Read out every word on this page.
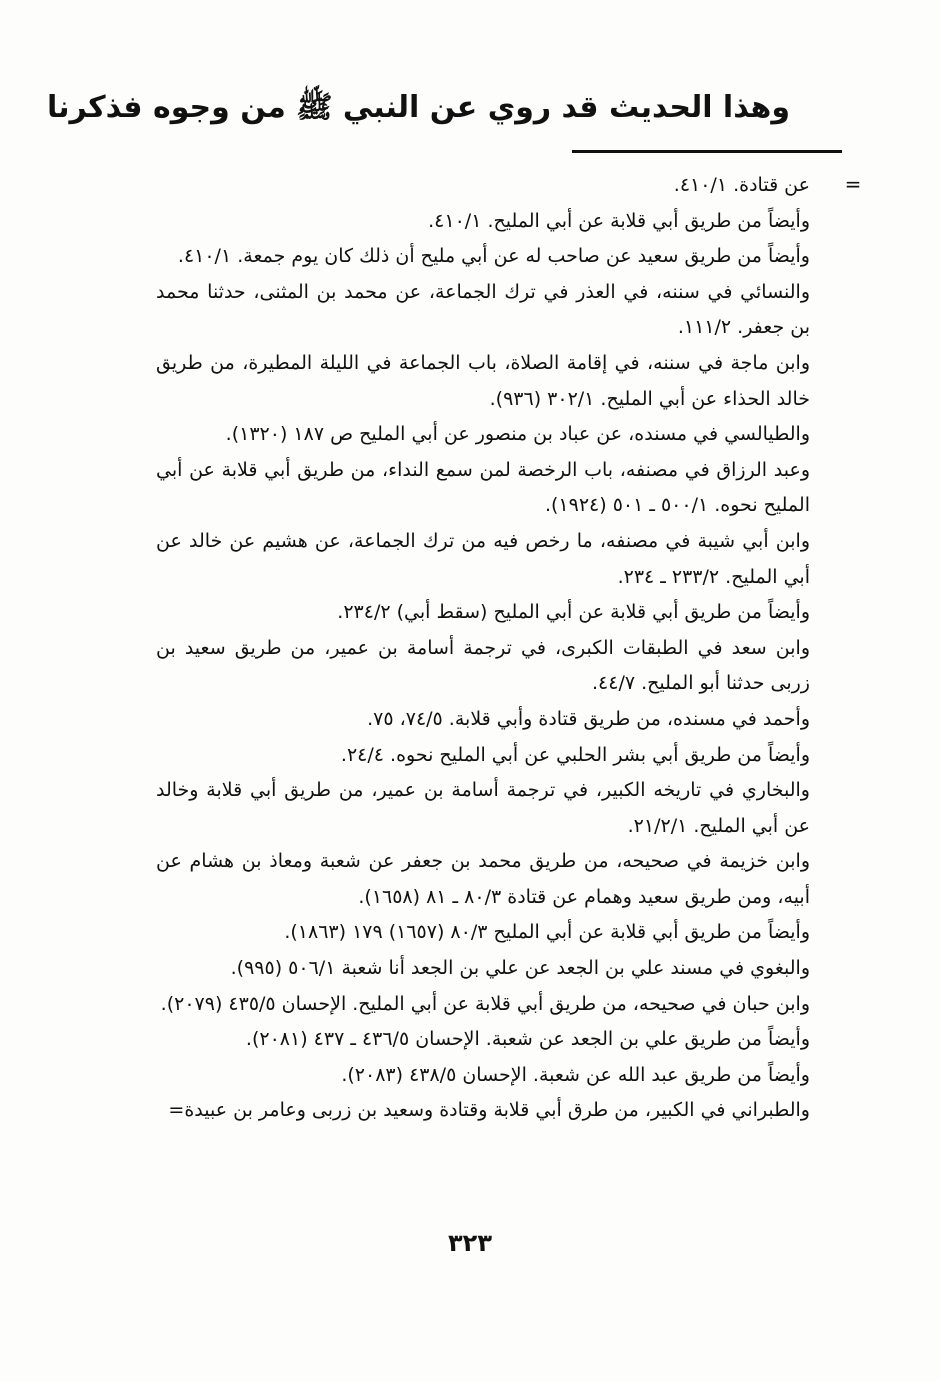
وهذا الحديث قد روي عن النبي ﷺ من وجوه فذكرنا
=

عن قتادة. ٤١٠/١.

وأيضاً من طريق أبي قلابة عن أبي المليح. ٤١٠/١.

وأيضاً من طريق سعيد عن صاحب له عن أبي مليح أن ذلك كان يوم جمعة. ٤١٠/١.

والنسائي في سننه، في العذر في ترك الجماعة، عن محمد بن المثنى، حدثنا محمد بن جعفر. ١١١/٢.

وابن ماجة في سننه، في إقامة الصلاة، باب الجماعة في الليلة المطيرة، من طريق خالد الحذاء عن أبي المليح. ٣٠٢/١ (٩٣٦).

والطيالسي في مسنده، عن عباد بن منصور عن أبي المليح ص ١٨٧ (١٣٢٠).

وعبد الرزاق في مصنفه، باب الرخصة لمن سمع النداء، من طريق أبي قلابة عن أبي المليح نحوه. ٥٠٠/١ ـ ٥٠١ (١٩٢٤).

وابن أبي شيبة في مصنفه، ما رخص فيه من ترك الجماعة، عن هشيم عن خالد عن أبي المليح. ٢٣٣/٢ ـ ٢٣٤.

وأيضاً من طريق أبي قلابة عن أبي المليح (سقط أبي) ٢٣٤/٢.

وابن سعد في الطبقات الكبرى، في ترجمة أسامة بن عمير، من طريق سعيد بن زربى حدثنا أبو المليح. ٤٤/٧.

وأحمد في مسنده، من طريق قتادة وأبي قلابة. ٧٤/٥، ٧٥.

وأيضاً من طريق أبي بشر الحلبي عن أبي المليح نحوه. ٢٤/٤.

والبخاري في تاريخه الكبير، في ترجمة أسامة بن عمير، من طريق أبي قلابة وخالد عن أبي المليح. ٢١/٢/١.

وابن خزيمة في صحيحه، من طريق محمد بن جعفر عن شعبة ومعاذ بن هشام عن أبيه، ومن طريق سعيد وهمام عن قتادة ٨٠/٣ ـ ٨١ (١٦٥٨).

وأيضاً من طريق أبي قلابة عن أبي المليح ٨٠/٣ (١٦٥٧) ١٧٩ (١٨٦٣).

والبغوي في مسند علي بن الجعد عن علي بن الجعد أنا شعبة ٥٠٦/١ (٩٩٥).

وابن حبان في صحيحه، من طريق أبي قلابة عن أبي المليح. الإحسان ٤٣٥/٥ (٢٠٧٩).

وأيضاً من طريق علي بن الجعد عن شعبة. الإحسان ٤٣٦/٥ ـ ٤٣٧ (٢٠٨١).

وأيضاً من طريق عبد الله عن شعبة. الإحسان ٤٣٨/٥ (٢٠٨٣).

والطبراني في الكبير، من طرق أبي قلابة وقتادة وسعيد بن زربى وعامر بن عبيدة=

٣٢٣
